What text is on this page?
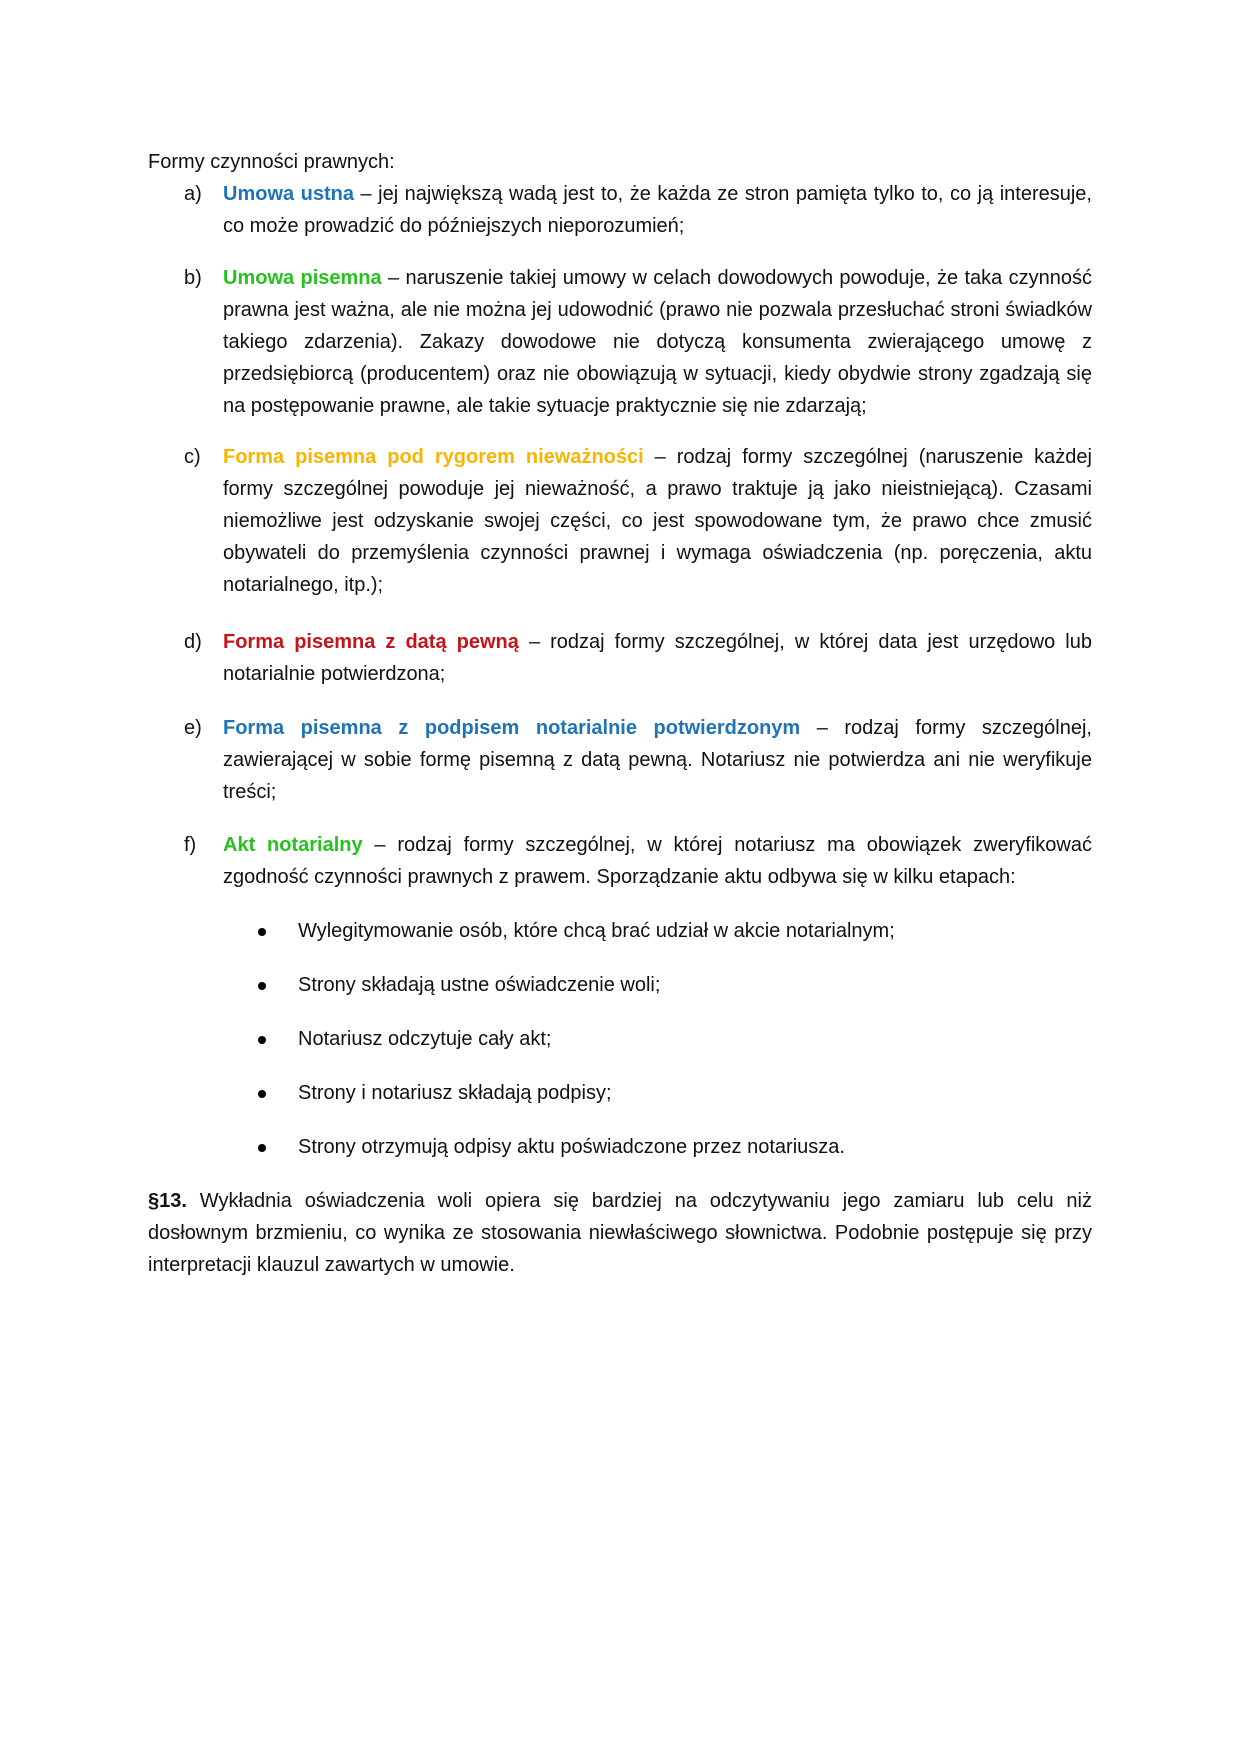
Formy czynności prawnych:
a)	Umowa ustna – jej największą wadą jest to, że każda ze stron pamięta tylko to, co ją interesuje, co może prowadzić do późniejszych nieporozumień;
b)	Umowa pisemna – naruszenie takiej umowy w celach dowodowych powoduje, że taka czynność prawna jest ważna, ale nie można jej udowodnić (prawo nie pozwala przesłuchać stroni świadków takiego zdarzenia). Zakazy dowodowe nie dotyczą konsumenta zwierającego umowę z przedsiębiorcą (producentem) oraz nie obowiązują w sytuacji, kiedy obydwie strony zgadzają się na postępowanie prawne, ale takie sytuacje praktycznie się nie zdarzają;
c)	Forma pisemna pod rygorem nieważności – rodzaj formy szczególnej (naruszenie każdej formy szczególnej powoduje jej nieważność, a prawo traktuje ją jako nieistniejącą). Czasami niemożliwe jest odzyskanie swojej części, co jest spowodowane tym, że prawo chce zmusić obywateli do przemyślenia czynności prawnej i wymaga oświadczenia (np. poręczenia, aktu notarialnego, itp.);
d)	Forma pisemna z datą pewną – rodzaj formy szczególnej, w której data jest urzędowo lub notarialnie potwierdzona;
e)	Forma pisemna z podpisem notarialnie potwierdzonym – rodzaj formy szczególnej, zawierającej w sobie formę pisemną z datą pewną. Notariusz nie potwierdza ani nie weryfikuje treści;
f)	Akt notarialny – rodzaj formy szczególnej, w której notariusz ma obowiązek zweryfikować zgodność czynności prawnych z prawem. Sporządzanie aktu odbywa się w kilku etapach:
Wylegitymowanie osób, które chcą brać udział w akcie notarialnym;
Strony składają ustne oświadczenie woli;
Notariusz odczytuje cały akt;
Strony i notariusz składają podpisy;
Strony otrzymują odpisy aktu poświadczone przez notariusza.
§13. Wykładnia oświadczenia woli opiera się bardziej na odczytywaniu jego zamiaru lub celu niż dosłownym brzmieniu, co wynika ze stosowania niewłaściwego słownictwa. Podobnie postępuje się przy interpretacji klauzul zawartych w umowie.
